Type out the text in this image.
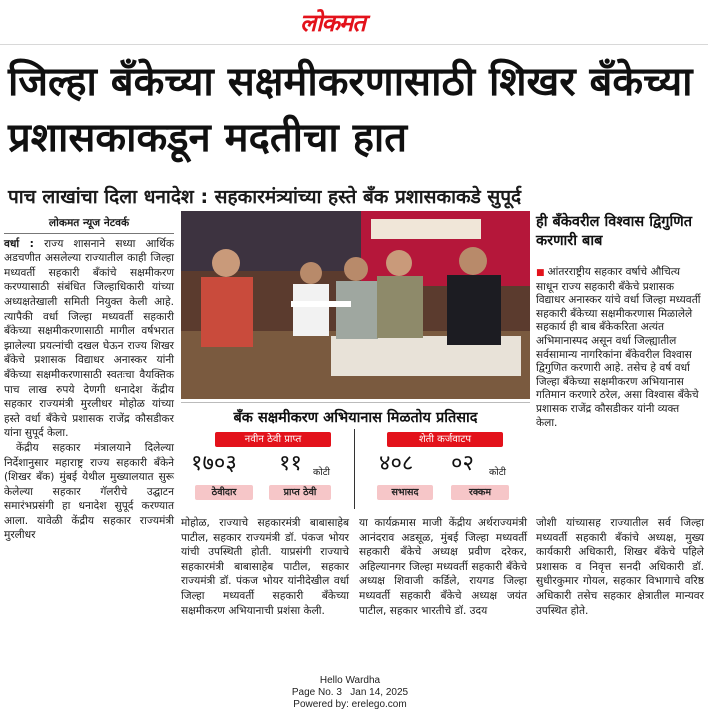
लोकमत
जिल्हा बँकेच्या सक्षमीकरणासाठी शिखर बँकेच्या प्रशासकाकडून मदतीचा हात
पाच लाखांचा दिला धनादेश : सहकारमंत्र्यांच्या हस्ते बँक प्रशासकाकडे सुपूर्द
लोकमत न्यूज नेटवर्क

वर्धा : राज्य शासनाने सध्या आर्थिक अडचणीत असलेल्या राज्यातील काही जिल्हा मध्यवर्ती सहकारी बँकांचे सक्षमीकरण करण्यासाठी संबंधित जिल्हाधिकारी यांच्या अध्यक्षतेखाली समिती नियुक्त केली आहे. त्यापैकी वर्धा जिल्हा मध्यवर्ती सहकारी बँकेच्या सक्षमीकरणासाठी मागील वर्षभरात झालेल्या प्रयत्नांची दखल घेऊन राज्य शिखर बँकेचे प्रशासक विद्याधर अनास्कर यांनी बँकेच्या सक्षमीकरणासाठी स्वतःचा वैयक्तिक पाच लाख रुपये देणगी धनादेश केंद्रीय सहकार राज्यमंत्री मुरलीधर मोहोळ यांच्या हस्ते वर्धा बँकेचे प्रशासक राजेंद्र कौसडीकर यांना सुपूर्द केला.

केंद्रीय सहकार मंत्रालयाने दिलेल्या निर्देशानुसार महाराष्ट्र राज्य सहकारी बँकेने (शिखर बँक) मुंबई येथील मुख्यालयात सुरू केलेल्या सहकार गॅलरीचे उद्घाटन समारंभप्रसंगी हा धनादेश सुपूर्द करण्यात आला. यावेळी केंद्रीय सहकार राज्यमंत्री मुरलीधर

ही बँकेवरील विश्वास द्विगुणित करणारी बाब
■ आंतरराष्ट्रीय सहकार वर्षाचे औचित्य साधून राज्य सहकारी बँकेचे प्रशासक विद्याधर अनास्कर यांचे वर्धा जिल्हा मध्यवर्ती सहकारी बँकेच्या सक्षमीकरणास मिळालेले सहकार्य ही बाब बँकेकरिता अत्यंत अभिमानास्पद असून वर्धा जिल्ह्यातील सर्वसामान्य नागरिकांना बँकेवरील विश्वास द्विगुणित करणारी आहे. तसेच हे वर्ष वर्धा जिल्हा बँकेच्या सक्षमीकरण अभियानास गतिमान करणारे ठरेल, असा विश्वास बँकेचे प्रशासक राजेंद्र कौसडीकर यांनी व्यक्त केला.
बँक सक्षमीकरण अभियानास मिळतोय प्रतिसाद
नवीन ठेवी प्राप्त
१७०३ ११ कोटी
ठेवीदार	प्राप्त ठेवी
शेती कर्जवाटप
४०८ ०२ कोटी
सभासद	रक्कम
मोहोळ, राज्याचे सहकारमंत्री बाबासाहेब पाटील, सहकार राज्यमंत्री डॉ. पंकज भोयर यांची उपस्थिती होती. याप्रसंगी राज्याचे सहकारमंत्री बाबासाहेब पाटील, सहकार राज्यमंत्री डॉ. पंकज भोयर यांनीदेखील वर्धा जिल्हा मध्यवर्ती सहकारी बँकेच्या सक्षमीकरण अभियानाची प्रशंसा केली.
या कार्यक्रमास माजी केंद्रीय अर्थराज्यमंत्री आनंदराव अडसूळ, मुंबई जिल्हा मध्यवर्ती सहकारी बँकेचे अध्यक्ष प्रवीण दरेकर, अहिल्यानगर जिल्हा मध्यवर्ती सहकारी बँकेचे अध्यक्ष शिवाजी कर्डिले, रायगड जिल्हा मध्यवर्ती सहकारी बँकेचे अध्यक्ष जयंत पाटील, सहकार भारतीचे डॉ. उदय
जोशी यांच्यासह राज्यातील सर्व जिल्हा मध्यवर्ती सहकारी बँकांचे अध्यक्ष, मुख्य कार्यकारी अधिकारी, शिखर बँकेचे पहिले प्रशासक व निवृत्त सनदी अधिकारी डॉ. सुधीरकुमार गोयल, सहकार विभागाचे वरिष्ठ अधिकारी तसेच सहकार क्षेत्रातील मान्यवर उपस्थित होते.
Hello Wardha
Page No. 3 Jan 14, 2025
Powered by: erelego.com
